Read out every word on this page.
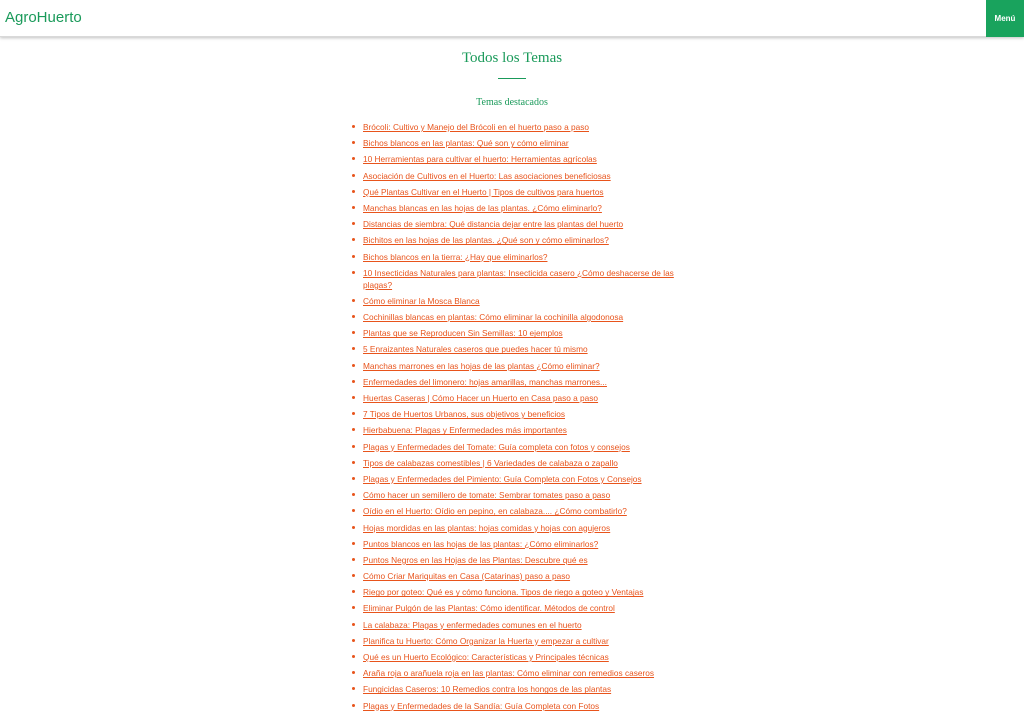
AgroHuerto	Menú
Todos los Temas
Temas destacados
Brócoli: Cultivo y Manejo del Brócoli en el huerto paso a paso
Bichos blancos en las plantas: Qué son y cómo eliminar
10 Herramientas para cultivar el huerto: Herramientas agrícolas
Asociación de Cultivos en el Huerto: Las asociaciones beneficiosas
Qué Plantas Cultivar en el Huerto | Tipos de cultivos para huertos
Manchas blancas en las hojas de las plantas. ¿Cómo eliminarlo?
Distancias de siembra: Qué distancia dejar entre las plantas del huerto
Bichitos en las hojas de las plantas. ¿Qué son y cómo eliminarlos?
Bichos blancos en la tierra: ¿Hay que eliminarlos?
10 Insecticidas Naturales para plantas: Insecticida casero ¿Cómo deshacerse de las plagas?
Cómo eliminar la Mosca Blanca
Cochinillas blancas en plantas: Cómo eliminar la cochinilla algodonosa
Plantas que se Reproducen Sin Semillas: 10 ejemplos
5 Enraizantes Naturales caseros que puedes hacer tú mismo
Manchas marrones en las hojas de las plantas ¿Cómo eliminar?
Enfermedades del limonero: hojas amarillas, manchas marrones...
Huertas Caseras | Cómo Hacer un Huerto en Casa paso a paso
7 Tipos de Huertos Urbanos, sus objetivos y beneficios
Hierbabuena: Plagas y Enfermedades más importantes
Plagas y Enfermedades del Tomate: Guía completa con fotos y consejos
Tipos de calabazas comestibles | 6 Variedades de calabaza o zapallo
Plagas y Enfermedades del Pimiento: Guía Completa con Fotos y Consejos
Cómo hacer un semillero de tomate: Sembrar tomates paso a paso
Oídio en el Huerto: Oídio en pepino, en calabaza.... ¿Cómo combatirlo?
Hojas mordidas en las plantas: hojas comidas y hojas con agujeros
Puntos blancos en las hojas de las plantas: ¿Cómo eliminarlos?
Puntos Negros en las Hojas de las Plantas: Descubre qué es
Cómo Criar Mariquitas en Casa (Catarinas) paso a paso
Riego por goteo: Qué es y cómo funciona. Tipos de riego a goteo y Ventajas
Eliminar Pulgón de las Plantas: Cómo identificar. Métodos de control
La calabaza: Plagas y enfermedades comunes en el huerto
Planifica tu Huerto: Cómo Organizar la Huerta y empezar a cultivar
Qué es un Huerto Ecológico: Características y Principales técnicas
Araña roja o arañuela roja en las plantas: Cómo eliminar con remedios caseros
Fungicidas Caseros: 10 Remedios contra los hongos de las plantas
Plagas y Enfermedades de la Sandía: Guía Completa con Fotos
